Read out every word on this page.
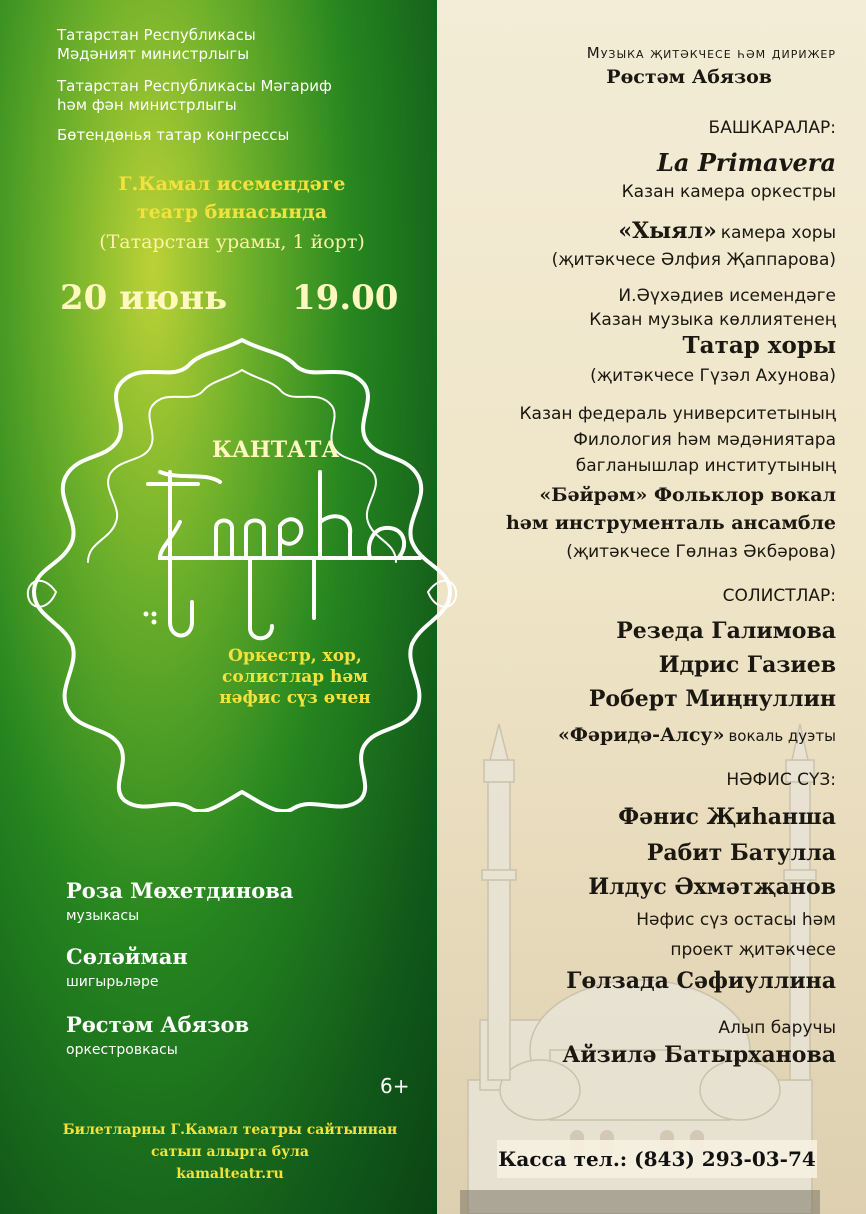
Татарстан Республикасы
Мәдәният министрлыгы
Татарстан Республикасы Мәгариф
һәм фән министрлыгы
Бөтендөнья татар конгрессы
Г.Камал исемендәге
театр бинасында
(Татарстан урамы, 1 йорт)
20 июнь 19.00
КАНТАТА
Оркестр, хор,
солистлар һәм
нәфис сүз өчен
Роза Мөхетдинова
музыкасы
Сөләйман
шигырьләре
Рөстәм Абязов
оркестровкасы
6+
Билетларны Г.Камал театры сайтыннан
сатып алырга була
kamalteatr.ru
Музыка җитәкчесе һәм дирижер
Рөстәм Абязов
БАШКАРАЛАР:
La Primavera
Казан камера оркестры
«Хыял» камера хоры
(җитәкчесе Әлфия Җаппарова)
И.Әүхәдиев исемендәге
Казан музыка көллиятенең
Татар хоры
(җитәкчесе Гүзәл Ахунова)
Казан федераль университетының
Филология һәм мәдәниятара
багланышлар институтының
«Бәйрәм» Фольклор вокал
һәм инструменталь ансамбле
(җитәкчесе Гөлназ Әкбәрова)
СОЛИСТЛАР:
Резеда Галимова
Идрис Газиев
Роберт Миңнуллин
«Фәридә-Алсу» вокаль дуэты
НӘФИС СҮЗ:
Фәнис Җиһанша
Рабит Батулла
Илдус Әхмәтҗанов
Нәфис сүз остасы һәм
проект җитәкчесе
Гөлзада Сәфиуллина
Алып баручы
Айзилә Батырханова
Касса тел.: (843) 293-03-74
